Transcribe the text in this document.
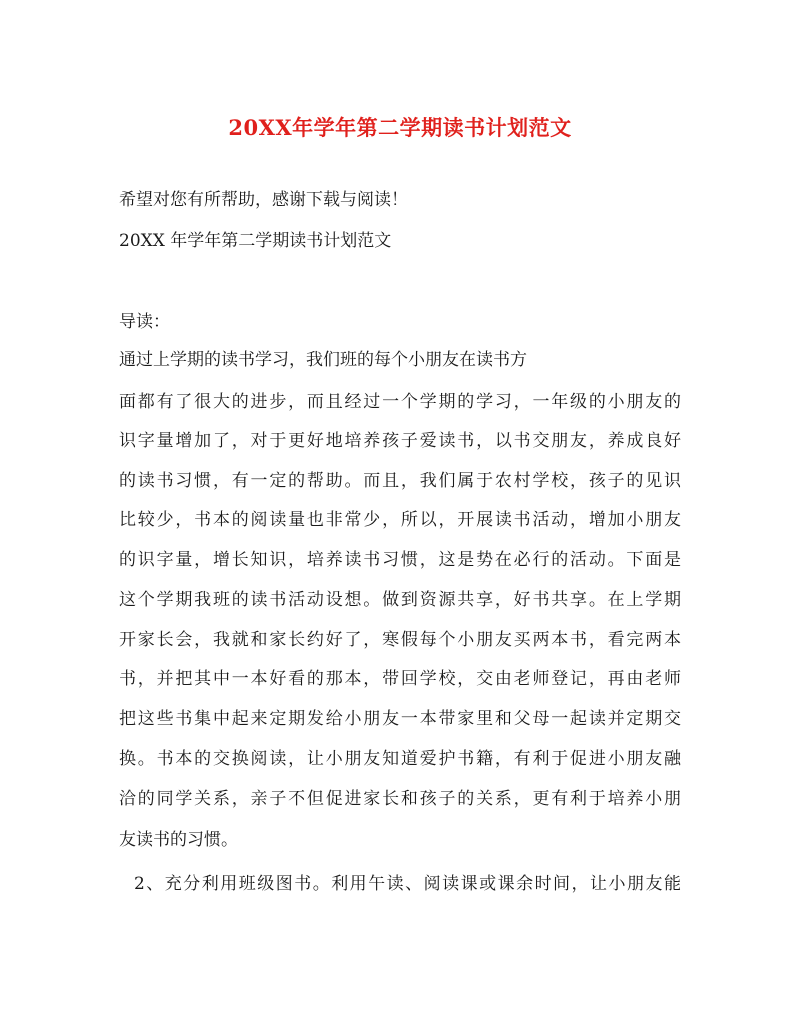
20XX年学年第二学期读书计划范文
希望对您有所帮助，感谢下载与阅读！
20XX 年学年第二学期读书计划范文
导读：
通过上学期的读书学习，我们班的每个小朋友在读书方
面都有了很大的进步，而且经过一个学期的学习，一年级的小朋友的
识字量增加了，对于更好地培养孩子爱读书，以书交朋友，养成良好
的读书习惯，有一定的帮助。而且，我们属于农村学校，孩子的见识
比较少，书本的阅读量也非常少，所以，开展读书活动，增加小朋友
的识字量，增长知识，培养读书习惯，这是势在必行的活动。下面是
这个学期我班的读书活动设想。做到资源共享，好书共享。在上学期
开家长会，我就和家长约好了，寒假每个小朋友买两本书，看完两本
书，并把其中一本好看的那本，带回学校，交由老师登记，再由老师
把这些书集中起来定期发给小朋友一本带家里和父母一起读并定期交
换。书本的交换阅读，让小朋友知道爱护书籍，有利于促进小朋友融
洽的同学关系，亲子不但促进家长和孩子的关系，更有利于培养小朋
友读书的习惯。
2、充分利用班级图书。利用午读、阅读课或课余时间，让小朋友能
